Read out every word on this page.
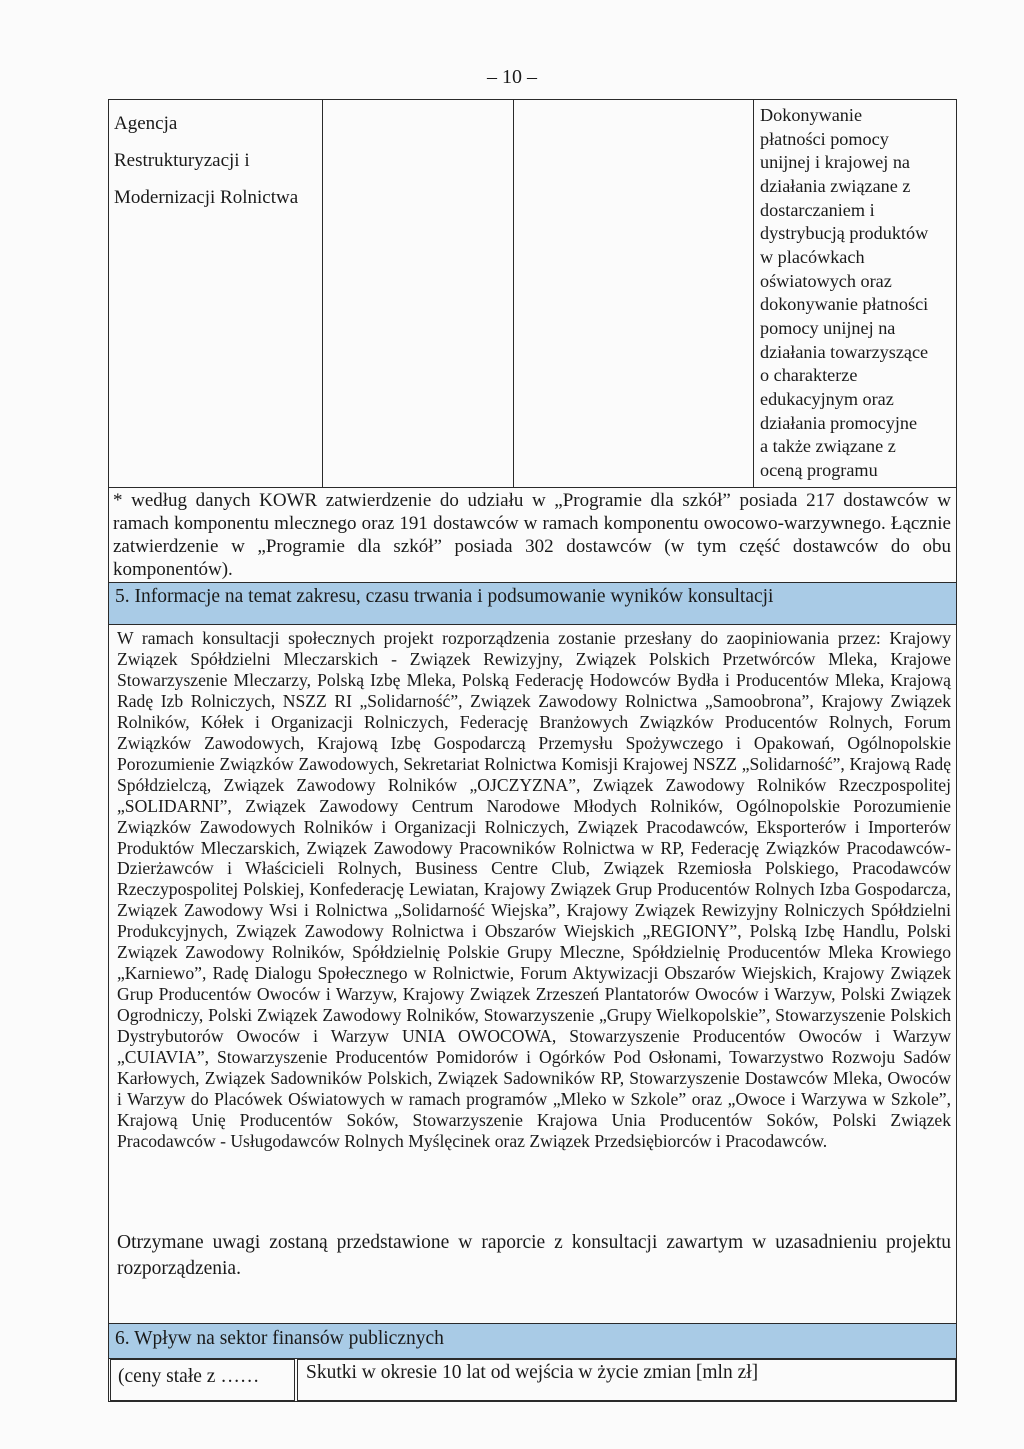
– 10 –
Agencja
Restrukturyzacji i
Modernizacji Rolnictwa
Dokonywanie
płatności pomocy
unijnej i krajowej na
działania związane z
dostarczaniem i
dystrybucją produktów
w placówkach
oświatowych oraz
dokonywanie płatności
pomocy unijnej na
działania towarzyszące
o charakterze
edukacyjnym oraz
działania promocyjne
a także związane z
oceną programu
* według danych KOWR zatwierdzenie do udziału w „Programie dla szkół” posiada 217 dostawców w ramach komponentu mlecznego oraz 191 dostawców w ramach komponentu owocowo-warzywnego. Łącznie zatwierdzenie w „Programie dla szkół” posiada 302 dostawców (w tym część dostawców do obu komponentów).
5. Informacje na temat zakresu, czasu trwania i podsumowanie wyników konsultacji
W ramach konsultacji społecznych projekt rozporządzenia zostanie przesłany do zaopiniowania przez: Krajowy Związek Spółdzielni Mleczarskich - Związek Rewizyjny, Związek Polskich Przetwórców Mleka, Krajowe Stowarzyszenie Mleczarzy, Polską Izbę Mleka, Polską Federację Hodowców Bydła i Producentów Mleka, Krajową Radę Izb Rolniczych, NSZZ RI „Solidarność”, Związek Zawodowy Rolnictwa „Samoobrona”, Krajowy Związek Rolników, Kółek i Organizacji Rolniczych, Federację Branżowych Związków Producentów Rolnych, Forum Związków Zawodowych, Krajową Izbę Gospodarczą Przemysłu Spożywczego i Opakowań, Ogólnopolskie Porozumienie Związków Zawodowych, Sekretariat Rolnictwa Komisji Krajowej NSZZ „Solidarność”, Krajową Radę Spółdzielczą, Związek Zawodowy Rolników „OJCZYZNA”, Związek Zawodowy Rolników Rzeczpospolitej „SOLIDARNI”, Związek Zawodowy Centrum Narodowe Młodych Rolników, Ogólnopolskie Porozumienie Związków Zawodowych Rolników i Organizacji Rolniczych, Związek Pracodawców, Eksporterów i Importerów Produktów Mleczarskich, Związek Zawodowy Pracowników Rolnictwa w RP, Federację Związków Pracodawców-Dzierżawców i Właścicieli Rolnych, Business Centre Club, Związek Rzemiosła Polskiego, Pracodawców Rzeczypospolitej Polskiej, Konfederację Lewiatan, Krajowy Związek Grup Producentów Rolnych Izba Gospodarcza, Związek Zawodowy Wsi i Rolnictwa „Solidarność Wiejska”, Krajowy Związek Rewizyjny Rolniczych Spółdzielni Produkcyjnych, Związek Zawodowy Rolnictwa i Obszarów Wiejskich „REGIONY”, Polską Izbę Handlu, Polski Związek Zawodowy Rolników, Spółdzielnię Polskie Grupy Mleczne, Spółdzielnię Producentów Mleka Krowiego „Karniewo”, Radę Dialogu Społecznego w Rolnictwie, Forum Aktywizacji Obszarów Wiejskich, Krajowy Związek Grup Producentów Owoców i Warzyw, Krajowy Związek Zrzeszeń Plantatorów Owoców i Warzyw, Polski Związek Ogrodniczy, Polski Związek Zawodowy Rolników, Stowarzyszenie „Grupy Wielkopolskie”, Stowarzyszenie Polskich Dystrybutorów Owoców i Warzyw UNIA OWOCOWA, Stowarzyszenie Producentów Owoców i Warzyw „CUIAVIA”, Stowarzyszenie Producentów Pomidorów i Ogórków Pod Osłonami, Towarzystwo Rozwoju Sadów Karłowych, Związek Sadowników Polskich, Związek Sadowników RP, Stowarzyszenie Dostawców Mleka, Owoców i Warzyw do Placówek Oświatowych w ramach programów „Mleko w Szkole” oraz „Owoce i Warzywa w Szkole”, Krajową Unię Producentów Soków, Stowarzyszenie Krajowa Unia Producentów Soków, Polski Związek Pracodawców - Usługodawców Rolnych Myślęcinek oraz Związek Przedsiębiorców i Pracodawców.
Otrzymane uwagi zostaną przedstawione w raporcie z konsultacji zawartym w uzasadnieniu projektu rozporządzenia.
6. Wpływ na sektor finansów publicznych
(ceny stałe z …… Skutki w okresie 10 lat od wejścia w życie zmian [mln zł]
